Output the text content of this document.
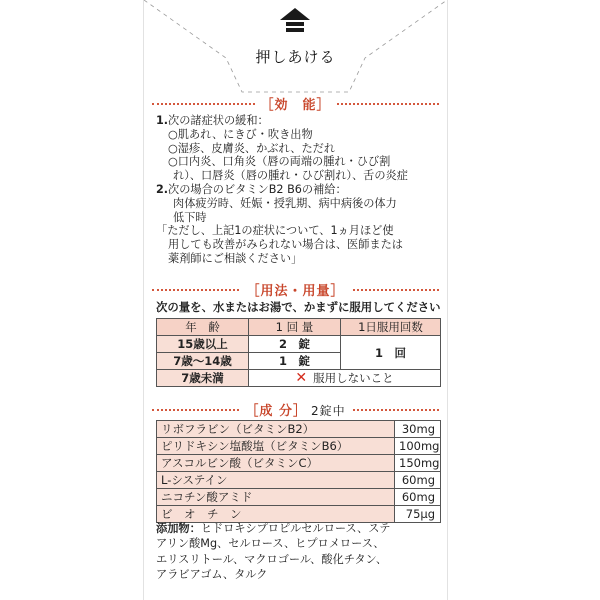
押しあける
［効　能］
1.次の諸症状の緩和：
○肌あれ、にきび・吹き出物
○湿疹、皮膚炎、かぶれ、ただれ
○口内炎、口角炎（唇の両端の腫れ・ひび割
れ）、口唇炎（唇の腫れ・ひび割れ）、舌の炎症
2.次の場合のビタミンB2 B6の補給：
肉体疲労時、妊娠・授乳期、病中病後の体力
低下時
「ただし、上記1の症状について、1ヵ月ほど使
用しても改善がみられない場合は、医師または
薬剤師にご相談ください」
［用法・用量］
次の量を、水またはお湯で、かまずに服用してください
年　齢	1 回 量	1日服用回数
15歳以上	2　錠	1　回
7歳～14歳	1　錠	
7歳未満	✕ 服用しないこと	
［成 分］ 2錠中
リボフラビン（ビタミンB2）	30mg
ピリドキシン塩酸塩（ビタミンB6）	100mg
アスコルビン酸（ビタミンC）	150mg
L-システイン	60mg
ニコチン酸アミド	60mg
ビ　オ　チ　ン	75μg
添加物：ヒドロキシプロピルセルロース、ステ
アリン酸Mg、セルロース、ヒプロメロース、
エリスリトール、マクロゴール、酸化チタン、
アラビアゴム、タルク
